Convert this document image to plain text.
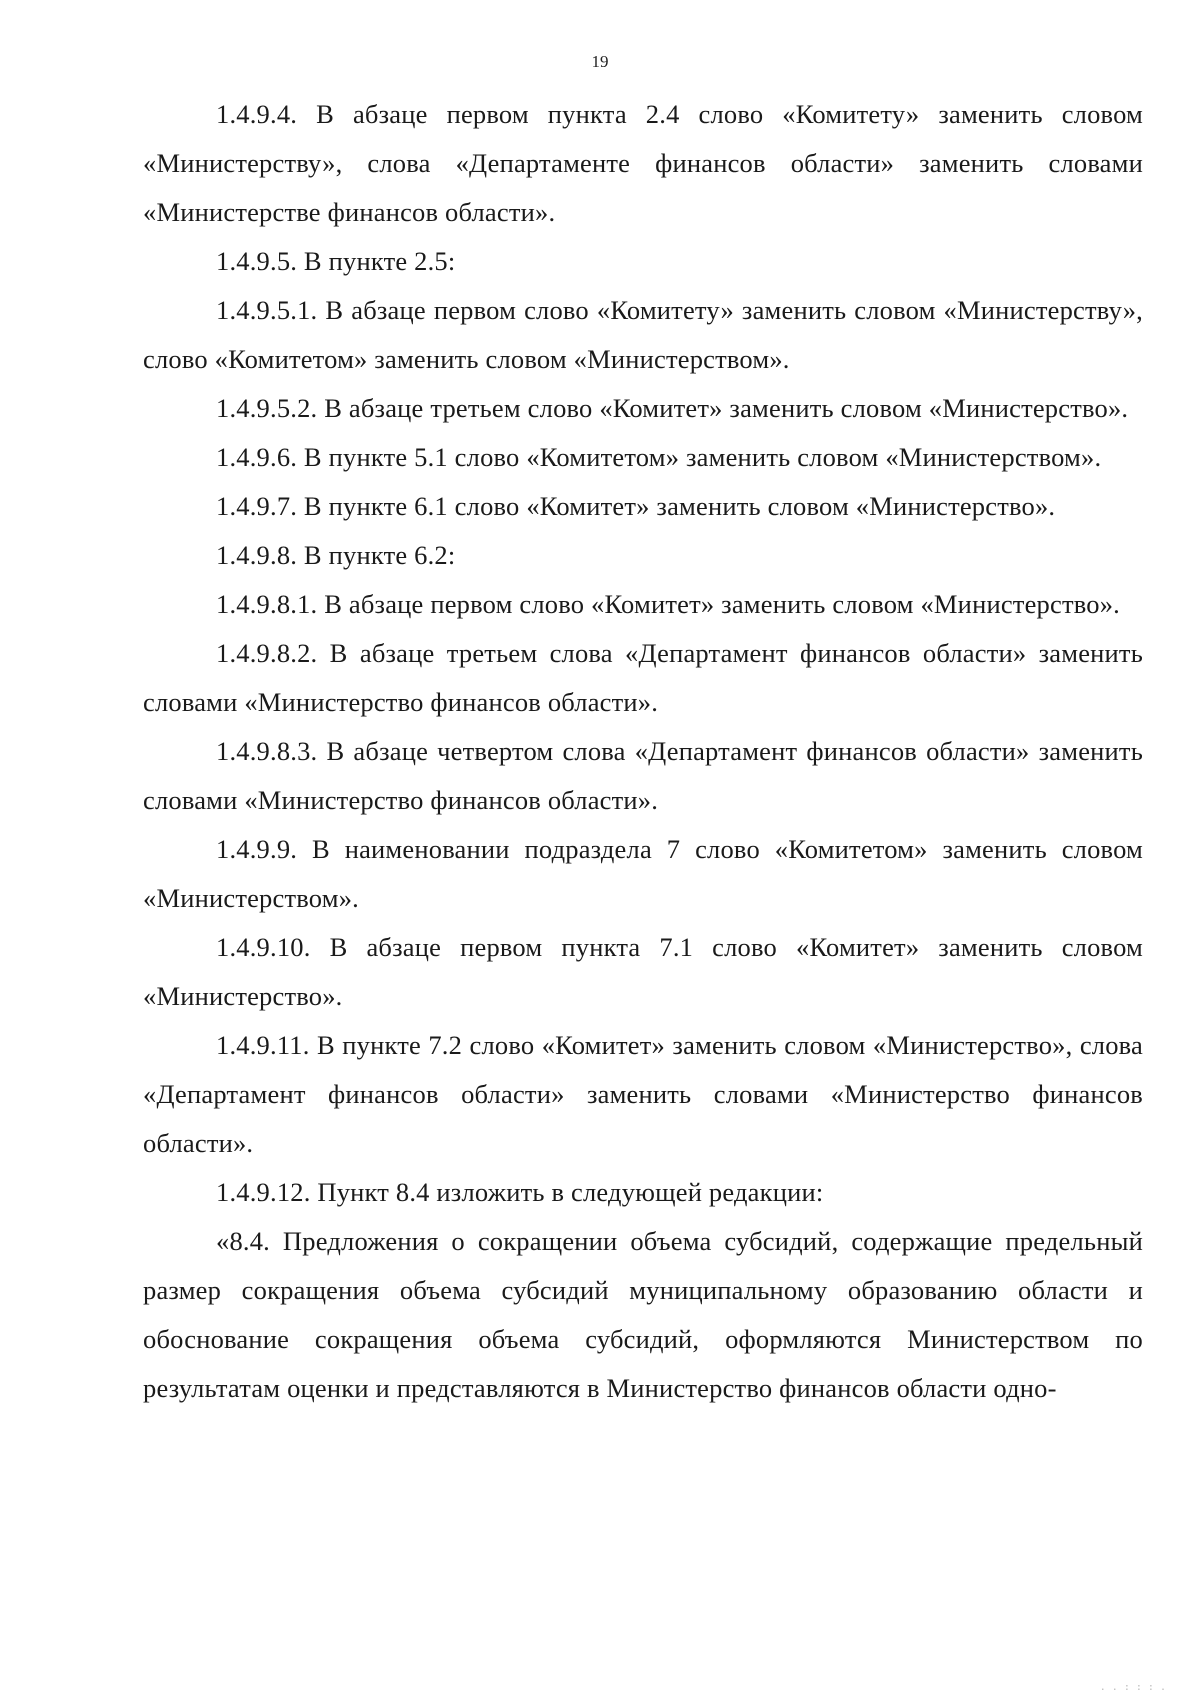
19

1.4.9.4. В абзаце первом пункта 2.4 слово «Комитету» заменить словом «Министерству», слова «Департаменте финансов области» заменить словами «Министерстве финансов области».

1.4.9.5. В пункте 2.5:

1.4.9.5.1. В абзаце первом слово «Комитету» заменить словом «Министерству», слово «Комитетом» заменить словом «Министерством».

1.4.9.5.2. В абзаце третьем слово «Комитет» заменить словом «Министерство».

1.4.9.6. В пункте 5.1 слово «Комитетом» заменить словом «Министерством».

1.4.9.7. В пункте 6.1 слово «Комитет» заменить словом «Министерство».

1.4.9.8. В пункте 6.2:

1.4.9.8.1. В абзаце первом слово «Комитет» заменить словом «Министерство».

1.4.9.8.2. В абзаце третьем слова «Департамент финансов области» заменить словами «Министерство финансов области».

1.4.9.8.3. В абзаце четвертом слова «Департамент финансов области» заменить словами «Министерство финансов области».

1.4.9.9. В наименовании подраздела 7 слово «Комитетом» заменить словом «Министерством».

1.4.9.10. В абзаце первом пункта 7.1 слово «Комитет» заменить словом «Министерство».

1.4.9.11. В пункте 7.2 слово «Комитет» заменить словом «Министерство», слова «Департамент финансов области» заменить словами «Министерство финансов области».

1.4.9.12. Пункт 8.4 изложить в следующей редакции:

«8.4. Предложения о сокращении объема субсидий, содержащие предельный размер сокращения объема субсидий муниципальному образованию области и обоснование сокращения объема субсидий, оформляются Министерством по результатам оценки и представляются в Министерство финансов области одно-

. . : : : .
